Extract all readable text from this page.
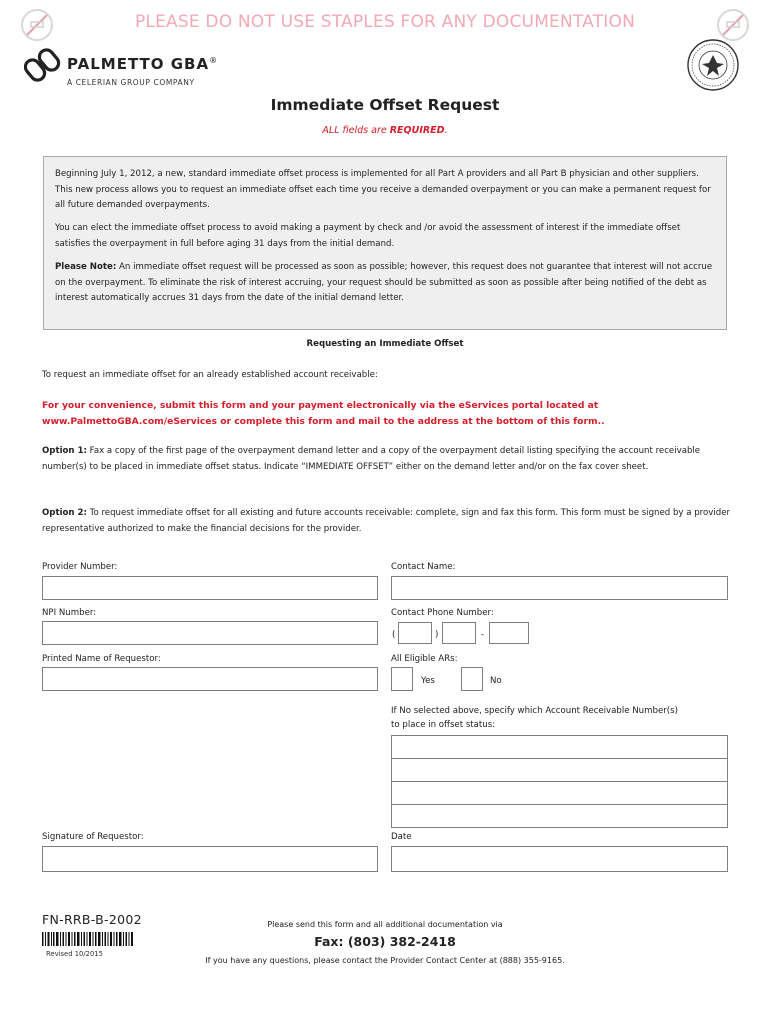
PLEASE DO NOT USE STAPLES FOR ANY DOCUMENTATION
PALMETTO GBA®
A CELERIAN GROUP COMPANY
Immediate Offset Request
ALL fields are REQUIRED.

Beginning July 1, 2012, a new, standard immediate offset process is implemented for all Part A providers and all Part B physician and other suppliers. This new process allows you to request an immediate offset each time you receive a demanded overpayment or you can make a permanent request for all future demanded overpayments.

You can elect the immediate offset process to avoid making a payment by check and /or avoid the assessment of interest if the immediate offset satisfies the overpayment in full before aging 31 days from the initial demand.

Please Note: An immediate offset request will be processed as soon as possible; however, this request does not guarantee that interest will not accrue on the overpayment. To eliminate the risk of interest accruing, your request should be submitted as soon as possible after being notified of the debt as interest automatically accrues 31 days from the date of the initial demand letter.

Requesting an Immediate Offset
To request an immediate offset for an already established account receivable:
For your convenience, submit this form and your payment electronically via the eServices portal located at
www.PalmettoGBA.com/eServices or complete this form and mail to the address at the bottom of this form..
Option 1: Fax a copy of the first page of the overpayment demand letter and a copy of the overpayment detail listing specifying the account receivable number(s) to be placed in immediate offset status. Indicate “IMMEDIATE OFFSET” either on the demand letter and/or on the fax cover sheet.
Option 2: To request immediate offset for all existing and future accounts receivable: complete, sign and fax this form. This form must be signed by a provider representative authorized to make the financial decisions for the provider.
Provider Number:
NPI Number:
Printed Name of Requestor:
Signature of Requestor:
Contact Name:
Contact Phone Number:
(	)	-
All Eligible ARs:
Yes	No
If No selected above, specify which Account Receivable Number(s)
to place in offset status:
Date
FN-RRB-B-2002
Revised 10/2015
Please send this form and all additional documentation via
Fax: (803) 382-2418
If you have any questions, please contact the Provider Contact Center at (888) 355-9165.
